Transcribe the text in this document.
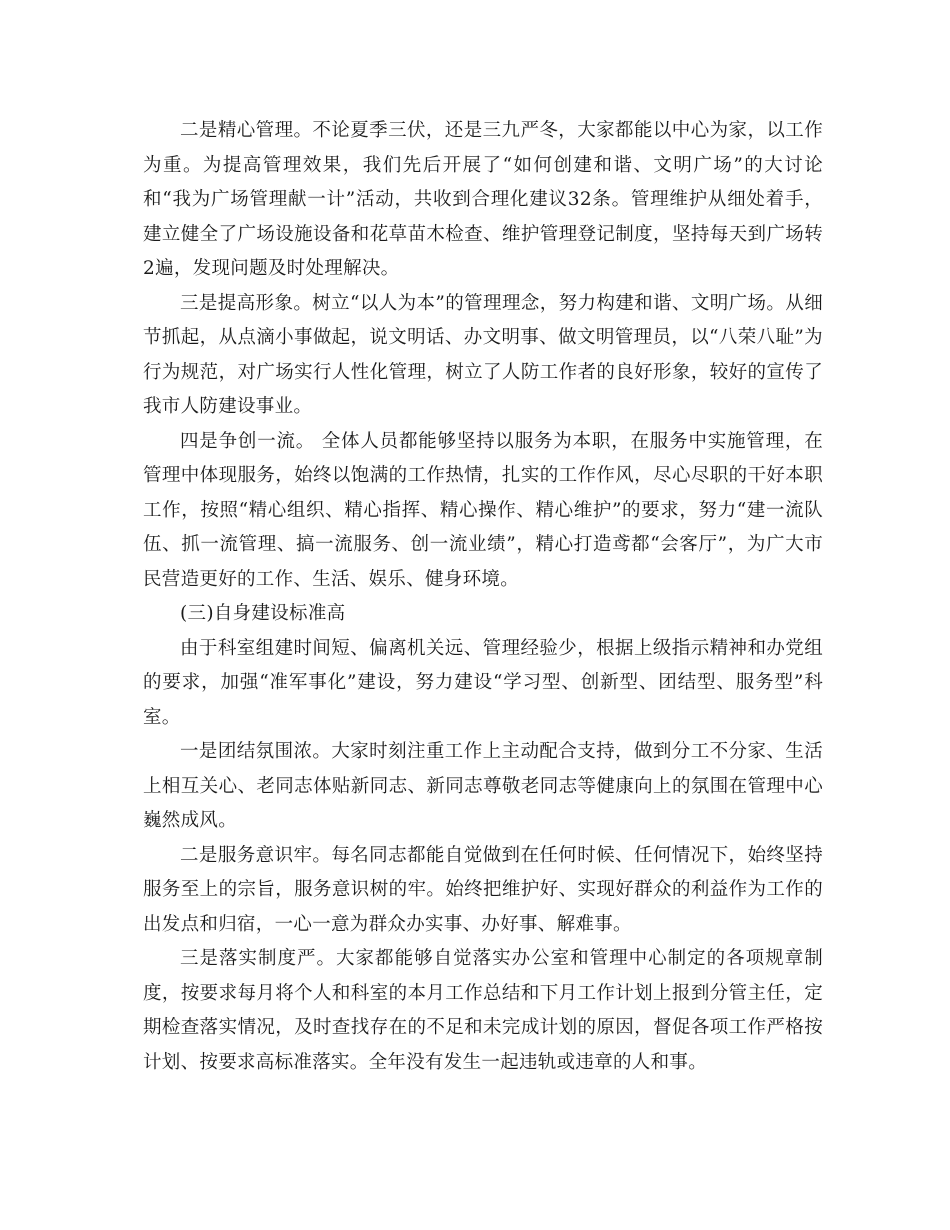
二是精心管理。不论夏季三伏，还是三九严冬，大家都能以中心为家，以工作为重。为提高管理效果，我们先后开展了“如何创建和谐、文明广场”的大讨论和“我为广场管理献一计”活动，共收到合理化建议32条。管理维护从细处着手，建立健全了广场设施设备和花草苗木检查、维护管理登记制度，坚持每天到广场转2遍，发现问题及时处理解决。

三是提高形象。树立“以人为本”的管理理念，努力构建和谐、文明广场。从细节抓起，从点滴小事做起，说文明话、办文明事、做文明管理员，以“八荣八耻”为行为规范，对广场实行人性化管理，树立了人防工作者的良好形象，较好的宣传了我市人防建设事业。

四是争创一流。 全体人员都能够坚持以服务为本职，在服务中实施管理，在管理中体现服务，始终以饱满的工作热情，扎实的工作作风，尽心尽职的干好本职工作，按照“精心组织、精心指挥、精心操作、精心维护”的要求，努力“建一流队伍、抓一流管理、搞一流服务、创一流业绩”，精心打造鸢都“会客厅”，为广大市民营造更好的工作、生活、娱乐、健身环境。

(三)自身建设标准高

由于科室组建时间短、偏离机关远、管理经验少，根据上级指示精神和办党组的要求，加强“准军事化”建设，努力建设“学习型、创新型、团结型、服务型”科室。

一是团结氛围浓。大家时刻注重工作上主动配合支持，做到分工不分家、生活上相互关心、老同志体贴新同志、新同志尊敬老同志等健康向上的氛围在管理中心巍然成风。

二是服务意识牢。每名同志都能自觉做到在任何时候、任何情况下，始终坚持服务至上的宗旨，服务意识树的牢。始终把维护好、实现好群众的利益作为工作的出发点和归宿，一心一意为群众办实事、办好事、解难事。

三是落实制度严。大家都能够自觉落实办公室和管理中心制定的各项规章制度，按要求每月将个人和科室的本月工作总结和下月工作计划上报到分管主任，定期检查落实情况，及时查找存在的不足和未完成计划的原因，督促各项工作严格按计划、按要求高标准落实。全年没有发生一起违轨或违章的人和事。
